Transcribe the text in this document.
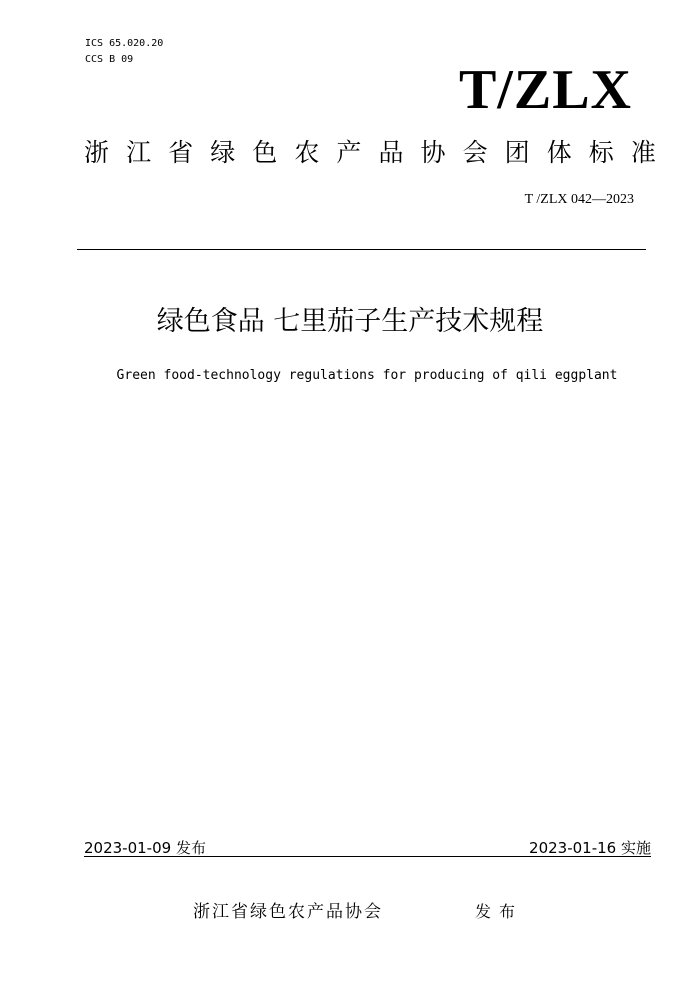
ICS 65.020.20
CCS B 09	T/ZLX
浙 江 省 绿 色 农 产 品 协 会 团 体 标 准
T /ZLX 042—2023
绿色食品 七里茄子生产技术规程
Green food-technology regulations for producing of qili eggplant
2023-01-09 发布	2023-01-16 实施
浙江省绿色农产品协会	发布
